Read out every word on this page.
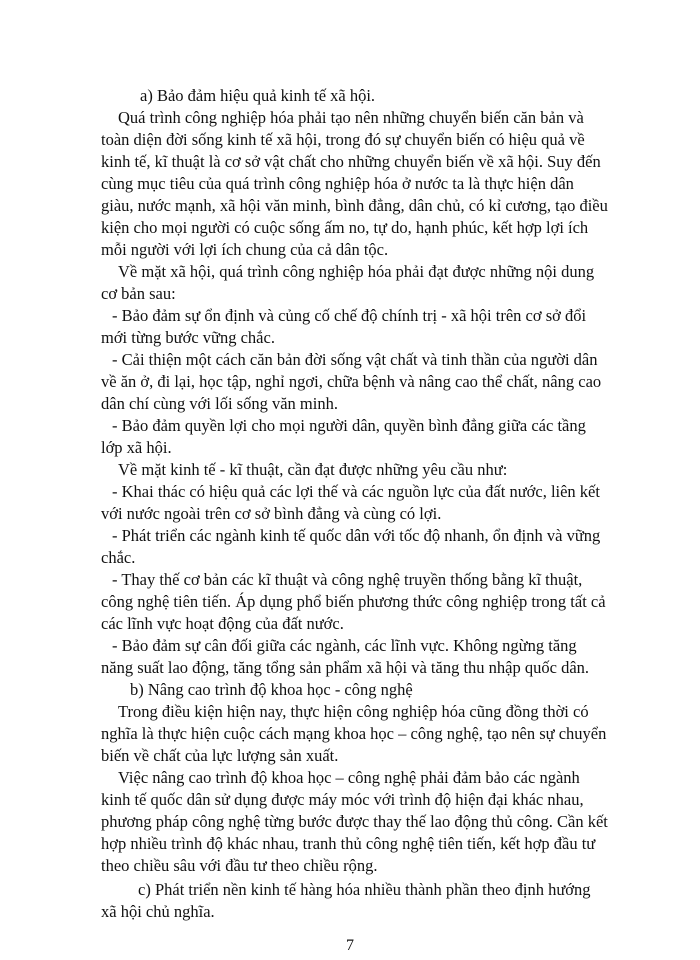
a) Bảo đảm hiệu quả kinh tế xã hội.
Quá trình công nghiệp hóa phải tạo nên những chuyển biến căn bản và
toàn diện đời sống kinh tế xã hội, trong đó sự chuyển biến có hiệu quả về
kinh tế, kĩ thuật là cơ sở vật chất cho những chuyển biến về xã hội. Suy đến
cùng mục tiêu của quá trình công nghiệp hóa ở nước ta là thực hiện dân
giàu, nước mạnh, xã hội văn minh, bình đẳng, dân chủ, có kỉ cương, tạo điều
kiện cho mọi người có cuộc sống ấm no, tự do, hạnh phúc, kết hợp lợi ích
mỗi người với lợi ích chung của cả dân tộc.
Về mặt xã hội, quá trình công nghiệp hóa phải đạt được những nội dung
cơ bản sau:
- Bảo đảm sự ổn định và củng cố chế độ chính trị - xã hội trên cơ sở đổi
mới từng bước vững chắc.
- Cải thiện một cách căn bản đời sống vật chất và tinh thần của người dân
về ăn ở, đi lại, học tập, nghỉ ngơi, chữa bệnh và nâng cao thể chất, nâng cao
dân chí cùng với lối sống văn minh.
- Bảo đảm quyền lợi cho mọi người dân, quyền bình đẳng giữa các tầng
lớp xã hội.
Về mặt kinh tế - kĩ thuật, cần đạt được những yêu cầu như:
- Khai thác có hiệu quả các lợi thế và các nguồn lực của đất nước, liên kết
với nước ngoài trên cơ sở bình đẳng và cùng có lợi.
- Phát triển các ngành kinh tế quốc dân với tốc độ nhanh, ổn định và vững
chắc.
- Thay thế cơ bản các kĩ thuật và công nghệ truyền thống bằng kĩ thuật,
công nghệ tiên tiến. Áp dụng phổ biến phương thức công nghiệp trong tất cả
các lĩnh vực hoạt động của đất nước.
- Bảo đảm sự cân đối giữa các ngành, các lĩnh vực. Không ngừng tăng
năng suất lao động, tăng tổng sản phẩm xã hội và tăng thu nhập quốc dân.
b) Nâng cao trình độ khoa học - công nghệ
Trong điều kiện hiện nay, thực hiện công nghiệp hóa cũng đồng thời có
nghĩa là thực hiện cuộc cách mạng khoa học – công nghệ, tạo nên sự chuyển
biến về chất của lực lượng sản xuất.
Việc nâng cao trình độ khoa học – công nghệ phải đảm bảo các ngành
kinh tế quốc dân sử dụng được máy móc với trình độ hiện đại khác nhau,
phương pháp công nghệ từng bước được thay thế lao động thủ công. Cần kết
hợp nhiều trình độ khác nhau, tranh thủ công nghệ tiên tiến, kết hợp đầu tư
theo chiều sâu với đầu tư theo chiều rộng.
c) Phát triển nền kinh tế hàng hóa nhiều thành phần theo định hướng
xã hội chủ nghĩa.
7
